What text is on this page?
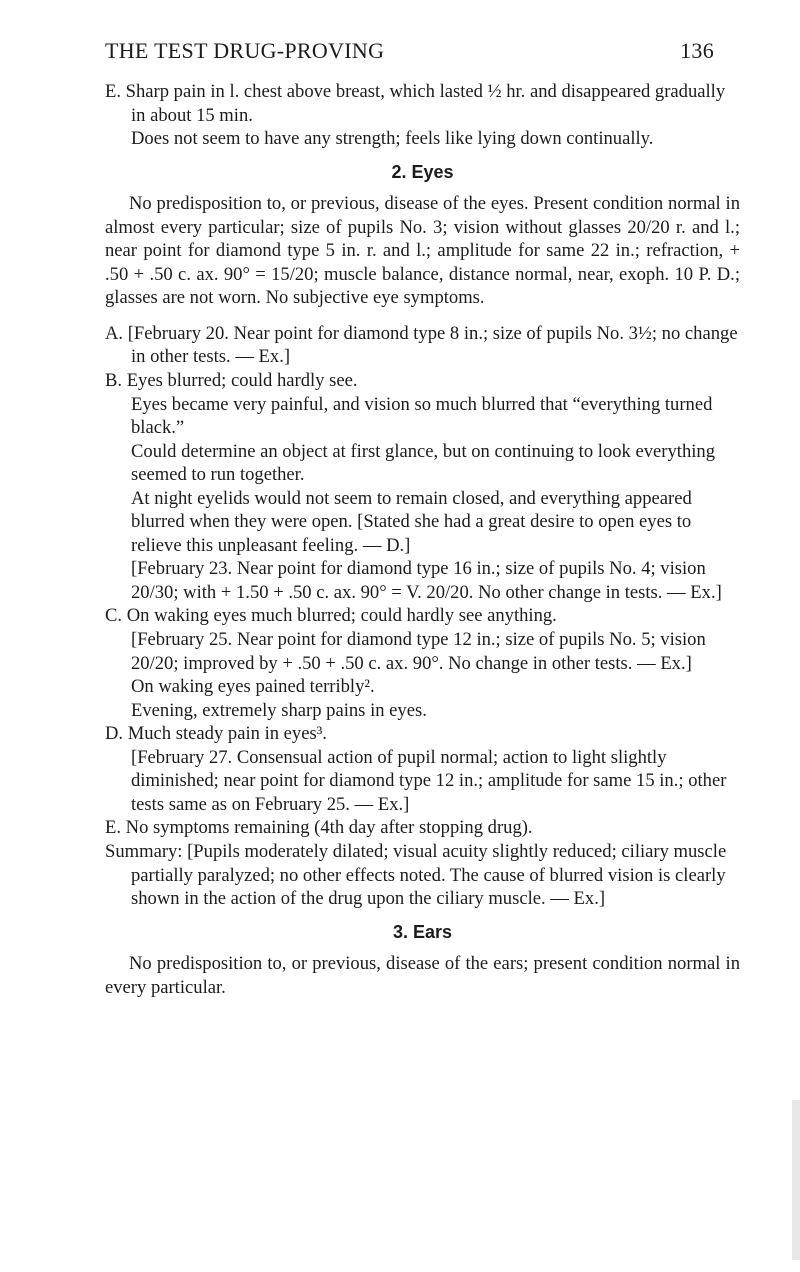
THE TEST DRUG-PROVING	136

E. Sharp pain in l. chest above breast, which lasted ½ hr. and disappeared gradually in about 15 min.

Does not seem to have any strength; feels like lying down continually.

2. Eyes

No predisposition to, or previous, disease of the eyes. Present condition normal in almost every particular; size of pupils No. 3; vision without glasses 20/20 r. and l.; near point for diamond type 5 in. r. and l.; amplitude for same 22 in.; refraction, + .50 + .50 c. ax. 90° = 15/20; muscle balance, distance normal, near, exoph. 10 P. D.; glasses are not worn. No subjective eye symptoms.

A. [February 20. Near point for diamond type 8 in.; size of pupils No. 3½; no change in other tests. — Ex.]

B. Eyes blurred; could hardly see.

Eyes became very painful, and vision so much blurred that “everything turned black.”

Could determine an object at first glance, but on continuing to look everything seemed to run together.

At night eyelids would not seem to remain closed, and everything appeared blurred when they were open. [Stated she had a great desire to open eyes to relieve this unpleasant feeling. — D.]

[February 23. Near point for diamond type 16 in.; size of pupils No. 4; vision 20/30; with + 1.50 + .50 c. ax. 90° = V. 20/20. No other change in tests. — Ex.]

C. On waking eyes much blurred; could hardly see anything.

[February 25. Near point for diamond type 12 in.; size of pupils No. 5; vision 20/20; improved by + .50 + .50 c. ax. 90°. No change in other tests. — Ex.]

On waking eyes pained terribly².

Evening, extremely sharp pains in eyes.

D. Much steady pain in eyes³.

[February 27. Consensual action of pupil normal; action to light slightly diminished; near point for diamond type 12 in.; amplitude for same 15 in.; other tests same as on February 25. — Ex.]

E. No symptoms remaining (4th day after stopping drug).

Summary: [Pupils moderately dilated; visual acuity slightly reduced; ciliary muscle partially paralyzed; no other effects noted. The cause of blurred vision is clearly shown in the action of the drug upon the ciliary muscle. — Ex.]

3. Ears

No predisposition to, or previous, disease of the ears; present condition normal in every particular.
